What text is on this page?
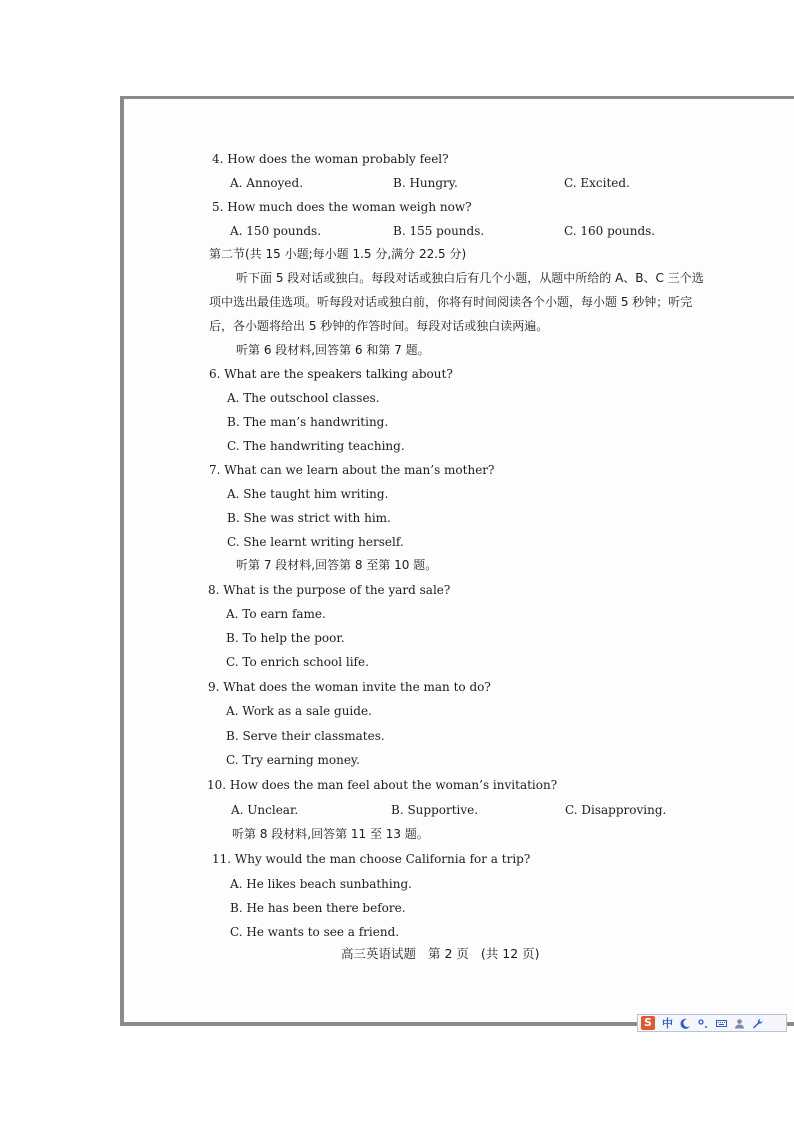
4. How does the woman probably feel?
A. Annoyed.	B. Hungry.	C. Excited.
5. How much does the woman weigh now?
A. 150 pounds.	B. 155 pounds.	C. 160 pounds.
第二节(共 15 小题;每小题 1.5 分,满分 22.5 分)
听下面 5 段对话或独白。每段对话或独白后有几个小题，从题中所给的 A、B、C 三个选
项中选出最佳选项。听每段对话或独白前，你将有时间阅读各个小题，每小题 5 秒钟；听完
后，各小题将给出 5 秒钟的作答时间。每段对话或独白读两遍。
听第 6 段材料,回答第 6 和第 7 题。
6. What are the speakers talking about?
A. The outschool classes.
B. The man’s handwriting.
C. The handwriting teaching.
7. What can we learn about the man’s mother?
A. She taught him writing.
B. She was strict with him.
C. She learnt writing herself.
听第 7 段材料,回答第 8 至第 10 题。
8. What is the purpose of the yard sale?
A. To earn fame.
B. To help the poor.
C. To enrich school life.
9. What does the woman invite the man to do?
A. Work as a sale guide.
B. Serve their classmates.
C. Try earning money.
10. How does the man feel about the woman’s invitation?
A. Unclear.	B. Supportive.	C. Disapproving.
听第 8 段材料,回答第 11 至 13 题。
11. Why would the man choose California for a trip?
A. He likes beach sunbathing.
B. He has been there before.
C. He wants to see a friend.
高三英语试题 第 2 页 (共 12 页)
S 中
